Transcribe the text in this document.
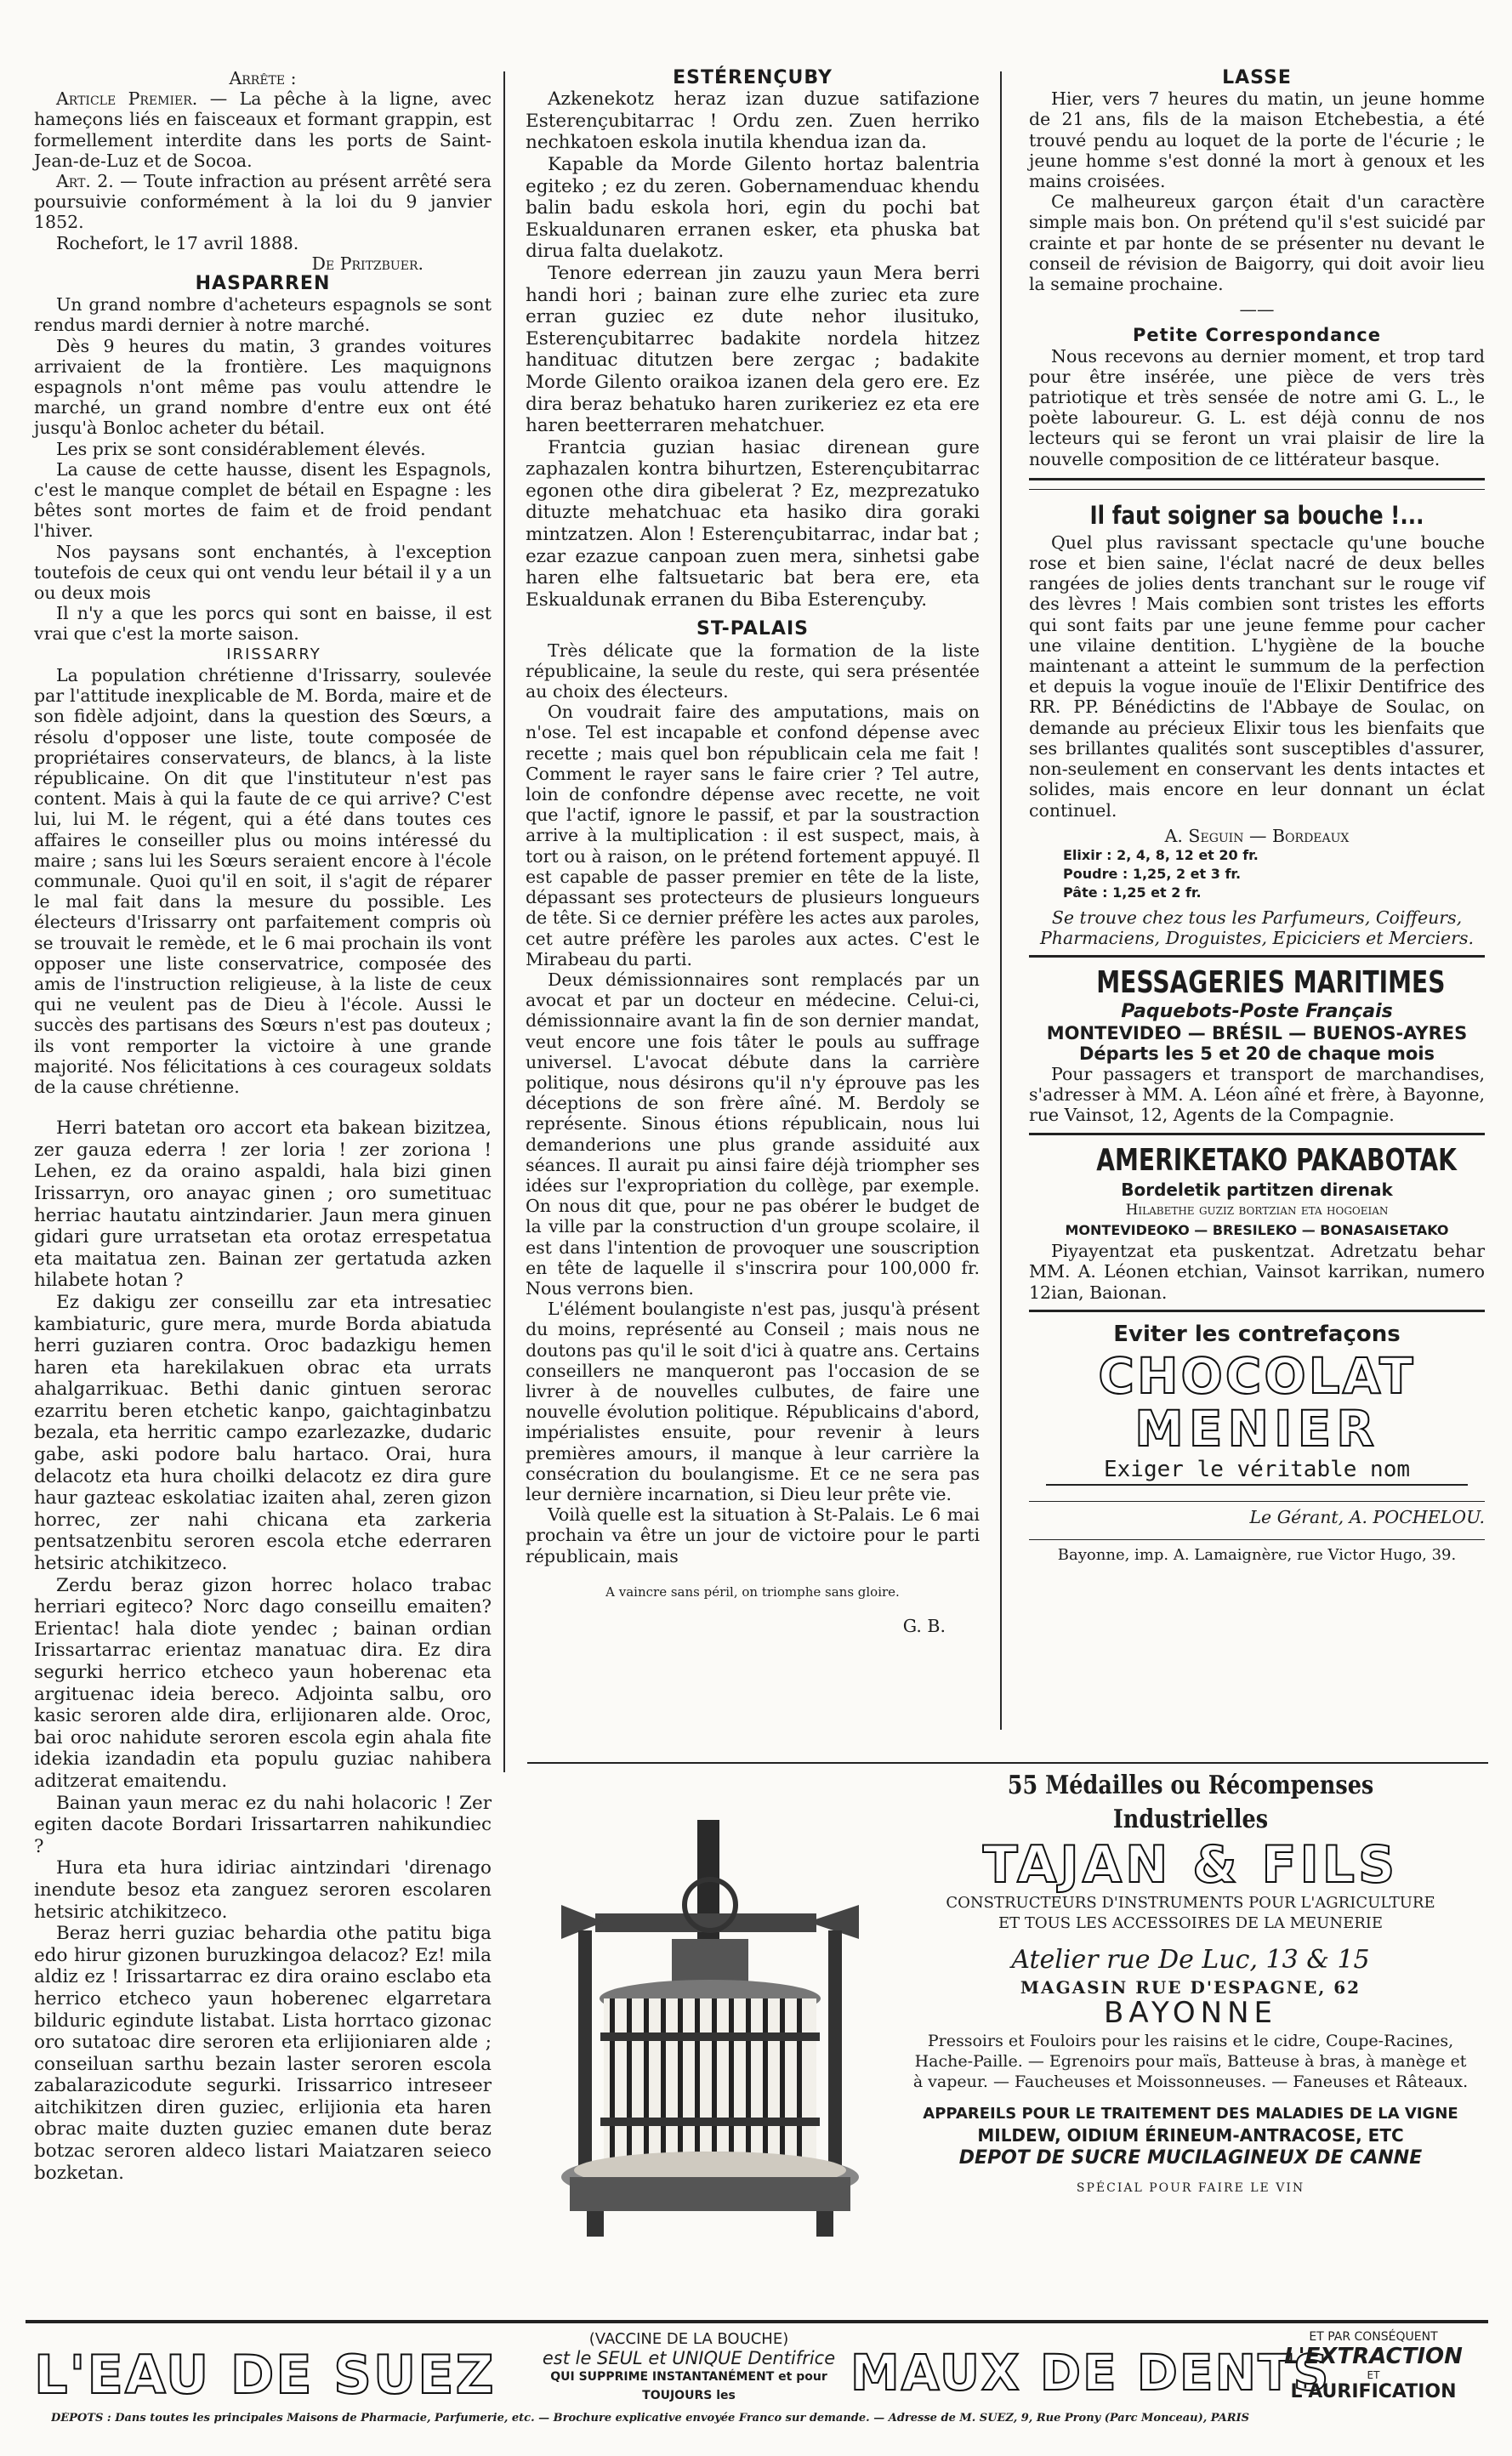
Arrête :

Article Premier. — La pêche à la ligne, avec hameçons liés en faisceaux et formant grappin, est formellement interdite dans les ports de Saint-Jean-de-Luz et de Socoa.

Art. 2. — Toute infraction au présent arrêté sera poursuivie conformément à la loi du 9 janvier 1852.

Rochefort, le 17 avril 1888.

De Pritzbuer.

HASPARREN

Un grand nombre d'acheteurs espagnols se sont rendus mardi dernier à notre marché.

Dès 9 heures du matin, 3 grandes voitures arrivaient de la frontière. Les maquignons espagnols n'ont même pas voulu attendre le marché, un grand nombre d'entre eux ont été jusqu'à Bonloc acheter du bétail.

Les prix se sont considérablement élevés.

La cause de cette hausse, disent les Espagnols, c'est le manque complet de bétail en Espagne : les bêtes sont mortes de faim et de froid pendant l'hiver.

Nos paysans sont enchantés, à l'exception toutefois de ceux qui ont vendu leur bétail il y a un ou deux mois

Il n'y a que les porcs qui sont en baisse, il est vrai que c'est la morte saison.

IRISSARRY

La population chrétienne d'Irissarry, soulevée par l'attitude inexplicable de M. Borda, maire et de son fidèle adjoint, dans la question des Sœurs, a résolu d'opposer une liste, toute composée de propriétaires conservateurs, de blancs, à la liste républicaine. On dit que l'instituteur n'est pas content. Mais à qui la faute de ce qui arrive? C'est lui, lui M. le régent, qui a été dans toutes ces affaires le conseiller plus ou moins intéressé du maire ; sans lui les Sœurs seraient encore à l'école communale. Quoi qu'il en soit, il s'agit de réparer le mal fait dans la mesure du possible. Les électeurs d'Irissarry ont parfaitement compris où se trouvait le remède, et le 6 mai prochain ils vont opposer une liste conservatrice, composée des amis de l'instruction religieuse, à la liste de ceux qui ne veulent pas de Dieu à l'école. Aussi le succès des partisans des Sœurs n'est pas douteux ; ils vont remporter la victoire à une grande majorité. Nos félicitations à ces courageux soldats de la cause chrétienne.

Herri batetan oro accort eta bakean bizitzea, zer gauza ederra ! zer loria ! zer zoriona ! Lehen, ez da oraino aspaldi, hala bizi ginen Irissarryn, oro anayac ginen ; oro sumetituac herriac hautatu aintzindarier. Jaun mera ginuen gidari gure urratsetan eta orotaz errespetatua eta maitatua zen. Bainan zer gertatuda azken hilabete hotan ?

Ez dakigu zer conseillu zar eta intresatiec kambiaturic, gure mera, murde Borda abiatuda herri guziaren contra. Oroc badazkigu hemen haren eta harekilakuen obrac eta urrats ahalgarrikuac. Bethi danic gintuen serorac ezarritu beren etchetic kanpo, gaichtaginbatzu bezala, eta herritic campo ezarlezazke, dudaric gabe, aski podore balu hartaco. Orai, hura delacotz eta hura choilki delacotz ez dira gure haur gazteac eskolatiac izaiten ahal, zeren gizon horrec, zer nahi chicana eta zarkeria pentsatzenbitu seroren escola etche ederraren hetsiric atchikitzeco.

Zerdu beraz gizon horrec holaco trabac herriari egiteco? Norc dago conseillu emaiten? Erientac! hala diote yendec ; bainan ordian Irissartarrac erientaz manatuac dira. Ez dira segurki herrico etcheco yaun hoberenac eta argituenac ideia bereco. Adjointa salbu, oro kasic seroren alde dira, erlijionaren alde. Oroc, bai oroc nahidute seroren escola egin ahala fite idekia izandadin eta populu guziac nahibera aditzerat emaitendu.

Bainan yaun merac ez du nahi holacoric ! Zer egiten dacote Bordari Irissartarren nahikundiec ?

Hura eta hura idiriac aintzindari 'direnago inendute besoz eta zanguez seroren escolaren hetsiric atchikitzeco.

Beraz herri guziac behardia othe patitu biga edo hirur gizonen buruzkingoa delacoz? Ez! mila aldiz ez ! Irissartarrac ez dira oraino esclabo eta herrico etcheco yaun hoberenec elgarretara bilduric egindute listabat. Lista horrtaco gizonac oro sutatoac dire seroren eta erlijioniaren alde ; conseiluan sarthu bezain laster seroren escola zabalarazicodute segurki. Irissarrico intreseer aitchikitzen diren guziec, erlijionia eta haren obrac maite duzten guziec emanen dute beraz botzac seroren aldeco listari Maiatzaren seieco bozketan.

ESTÉRENÇUBY

Azkenekotz heraz izan duzue satifazione Esterençubitarrac ! Ordu zen. Zuen herriko nechkatoen eskola inutila khendua izan da.

Kapable da Morde Gilento hortaz balentria egiteko ; ez du zeren. Gobernamenduac khendu balin badu eskola hori, egin du pochi bat Eskualdunaren erranen esker, eta phuska bat dirua falta duelakotz.

Tenore ederrean jin zauzu yaun Mera berri handi hori ; bainan zure elhe zuriec eta zure erran guziec ez dute nehor ilusituko, Esterençubitarrec badakite nordela hitzez handituac ditutzen bere zergac ; badakite Morde Gilento oraikoa izanen dela gero ere. Ez dira beraz behatuko haren zurikeriez ez eta ere haren beetterraren mehatchuer.

Frantcia guzian hasiac direnean gure zaphazalen kontra bihurtzen, Esterençubitarrac egonen othe dira gibelerat ? Ez, mezprezatuko dituzte mehatchuac eta hasiko dira goraki mintzatzen. Alon ! Esterençubitarrac, indar bat ; ezar ezazue canpoan zuen mera, sinhetsi gabe haren elhe faltsuetaric bat bera ere, eta Eskualdunak erranen du Biba Esterençuby.

ST-PALAIS

Très délicate que la formation de la liste républicaine, la seule du reste, qui sera présentée au choix des électeurs.

On voudrait faire des amputations, mais on n'ose. Tel est incapable et confond dépense avec recette ; mais quel bon républicain cela me fait ! Comment le rayer sans le faire crier ? Tel autre, loin de confondre dépense avec recette, ne voit que l'actif, ignore le passif, et par la soustraction arrive à la multiplication : il est suspect, mais, à tort ou à raison, on le prétend fortement appuyé. Il est capable de passer premier en tête de la liste, dépassant ses protecteurs de plusieurs longueurs de tête. Si ce dernier préfère les actes aux paroles, cet autre préfère les paroles aux actes. C'est le Mirabeau du parti.

Deux démissionnaires sont remplacés par un avocat et par un docteur en médecine. Celui-ci, démissionnaire avant la fin de son dernier mandat, veut encore une fois tâter le pouls au suffrage universel. L'avocat débute dans la carrière politique, nous désirons qu'il n'y éprouve pas les déceptions de son frère aîné. M. Berdoly se représente. Sinous étions républicain, nous lui demanderions une plus grande assiduité aux séances. Il aurait pu ainsi faire déjà triompher ses idées sur l'expropriation du collège, par exemple. On nous dit que, pour ne pas obérer le budget de la ville par la construction d'un groupe scolaire, il est dans l'intention de provoquer une souscription en tête de laquelle il s'inscrira pour 100,000 fr. Nous verrons bien.

L'élément boulangiste n'est pas, jusqu'à présent du moins, représenté au Conseil ; mais nous ne doutons pas qu'il le soit d'ici à quatre ans. Certains conseillers ne manqueront pas l'occasion de se livrer à de nouvelles culbutes, de faire une nouvelle évolution politique. Républicains d'abord, impérialistes ensuite, pour revenir à leurs premières amours, il manque à leur carrière la consécration du boulangisme. Et ce ne sera pas leur dernière incarnation, si Dieu leur prête vie.

Voilà quelle est la situation à St-Palais. Le 6 mai prochain va être un jour de victoire pour le parti républicain, mais

A vaincre sans péril, on triomphe sans gloire.

G. B.

LASSE

Hier, vers 7 heures du matin, un jeune homme de 21 ans, fils de la maison Etchebestia, a été trouvé pendu au loquet de la porte de l'écurie ; le jeune homme s'est donné la mort à genoux et les mains croisées.

Ce malheureux garçon était d'un caractère simple mais bon. On prétend qu'il s'est suicidé par crainte et par honte de se présenter nu devant le conseil de révision de Baigorry, qui doit avoir lieu la semaine prochaine.

——

Petite Correspondance

Nous recevons au dernier moment, et trop tard pour être insérée, une pièce de vers très patriotique et très sensée de notre ami G. L., le poète laboureur. G. L. est déjà connu de nos lecteurs qui se feront un vrai plaisir de lire la nouvelle composition de ce littérateur basque.

Il faut soigner sa bouche !...

Quel plus ravissant spectacle qu'une bouche rose et bien saine, l'éclat nacré de deux belles rangées de jolies dents tranchant sur le rouge vif des lèvres ! Mais combien sont tristes les efforts qui sont faits par une jeune femme pour cacher une vilaine dentition. L'hygiène de la bouche maintenant a atteint le summum de la perfection et depuis la vogue inouïe de l'Elixir Dentifrice des RR. PP. Bénédictins de l'Abbaye de Soulac, on demande au précieux Elixir tous les bienfaits que ses brillantes qualités sont susceptibles d'assurer, non-seulement en conservant les dents intactes et solides, mais encore en leur donnant un éclat continuel.

A. Seguin — Bordeaux

Elixir : 2, 4, 8, 12 et 20 fr.
Poudre : 1,25, 2 et 3 fr.
Pâte : 1,25 et 2 fr.

Se trouve chez tous les Parfumeurs, Coiffeurs, Pharmaciens, Droguistes, Epiciciers et Merciers.

MESSAGERIES MARITIMES

Paquebots-Poste Français

MONTEVIDEO — BRÉSIL — BUENOS-AYRES

Départs les 5 et 20 de chaque mois

Pour passagers et transport de marchandises, s'adresser à MM. A. Léon aîné et frère, à Bayonne, rue Vainsot, 12, Agents de la Compagnie.

AMERIKETAKO PAKABOTAK

Bordeletik partitzen direnak

Hilabethe guziz bortzian eta hogoeian

MONTEVIDEOKO — BRESILEKO — BONASAISETAKO

Piyayentzat eta puskentzat. Adretzatu behar MM. A. Léonen etchian, Vainsot karrikan, numero 12ian, Baionan.

Eviter les contrefaçons

CHOCOLAT

MENIER

Exiger le véritable nom

Le Gérant, A. POCHELOU.

Bayonne, imp. A. Lamaignère, rue Victor Hugo, 39.

55 Médailles ou Récompenses Industrielles

TAJAN & FILS

CONSTRUCTEURS D'INSTRUMENTS POUR L'AGRICULTURE ET TOUS LES ACCESSOIRES DE LA MEUNERIE

Atelier rue De Luc, 13 & 15

MAGASIN RUE D'ESPAGNE, 62

BAYONNE

Pressoirs et Fouloirs pour les raisins et le cidre, Coupe-Racines, Hache-Paille. — Egrenoirs pour maïs, Batteuse à bras, à manège et à vapeur. — Faucheuses et Moissonneuses. — Faneuses et Râteaux.

APPAREILS POUR LE TRAITEMENT DES MALADIES DE LA VIGNE

MILDEW, OIDIUM ÉRINEUM-ANTRACOSE, ETC

DEPOT DE SUCRE MUCILAGINEUX DE CANNE

SPÉCIAL POUR FAIRE LE VIN

L'EAU DE SUEZ
(VACCINE DE LA BOUCHE)
est le SEUL et UNIQUE Dentifrice
QUI SUPPRIME INSTANTANÉMENT et pour TOUJOURS les	MAUX DE DENTS
ET PAR CONSÉQUENT
L'EXTRACTION
ET
L'AURIFICATION
DÉPOTS : Dans toutes les principales Maisons de Pharmacie, Parfumerie, etc. — Brochure explicative envoyée Franco sur demande. — Adresse de M. SUEZ, 9, Rue Prony (Parc Monceau), PARIS
